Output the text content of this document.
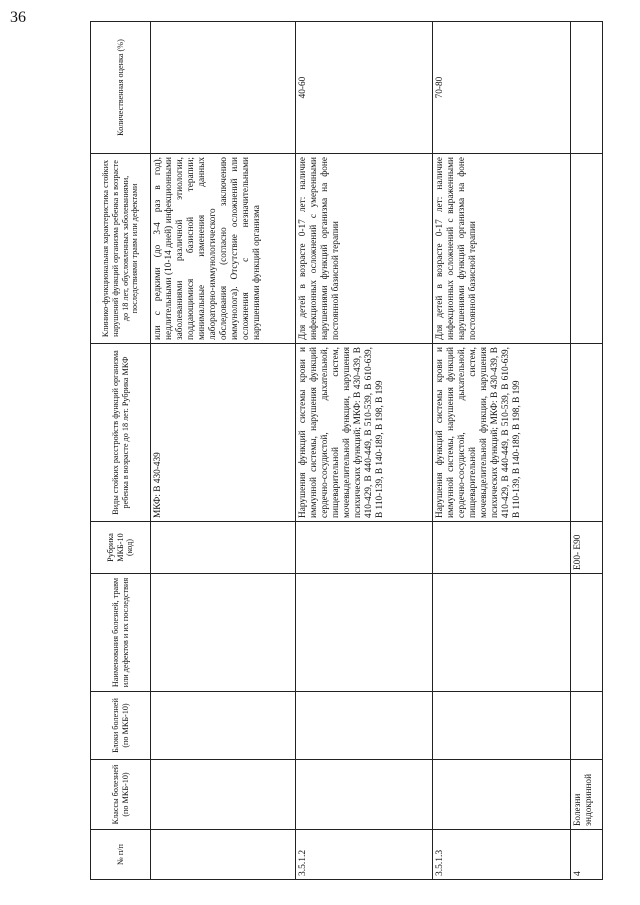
36
№ п/п	Классы болезней (по МКБ-10)	Блоки болезней (по МКБ-10)	Наименования болезней, травм или дефектов и их последствия	Рубрика МКБ-10 (код)	Виды стойких расстройств функций организма ребенка в возрасте до 18 лет. Рубрика МКФ	Клинико-функциональная характеристика стойких нарушений функций организма ребенка в возрасте до 18 лет, обусловленных заболеваниями, последствиями травм или дефектами	Количественная оценка (%)
					МКФ: В 430-439	или с редкими (до 3-4 раз в год), недлительными (10-14 дней) инфекционными заболеваниями различной этиологии, поддающимися базисной терапии; минимальные изменения данных лабораторно-иммунологического обследования (согласно заключению иммунолога). Отсутствие осложнений или осложнения с незначительными нарушениями функций организма	
3.5.1.2					Нарушения функций системы крови и иммунной системы, нарушения функций сердечно-сосудистой, дыхательной, пищеварительной систем, мочевыделительной функции, нарушения психических функций; МКФ: В 430-439, В 410-429, В 440-449, В 510-539, В 610-639, В 110-139, В 140-189, В 198, В 199	Для детей в возрасте 0-17 лет: наличие инфекционных осложнений с умеренными нарушениями функций организма на фоне постоянной базисной терапии	40-60
3.5.1.3					Нарушения функций системы крови и иммунной системы, нарушения функций сердечно-сосудистой, дыхательной, пищеварительной систем, мочевыделительной функции, нарушения психических функций; МКФ: В 430-439, В 410-429, В 440-449, В 510-539, В 610-639, В 110-139, В 140-189, В 198, В 199	Для детей в возрасте 0-17 лет: наличие инфекционных осложнений с выраженными нарушениями функций организма на фоне постоянной базисной терапии	70-80
4	Болезни эндокринной			E00- E90			
